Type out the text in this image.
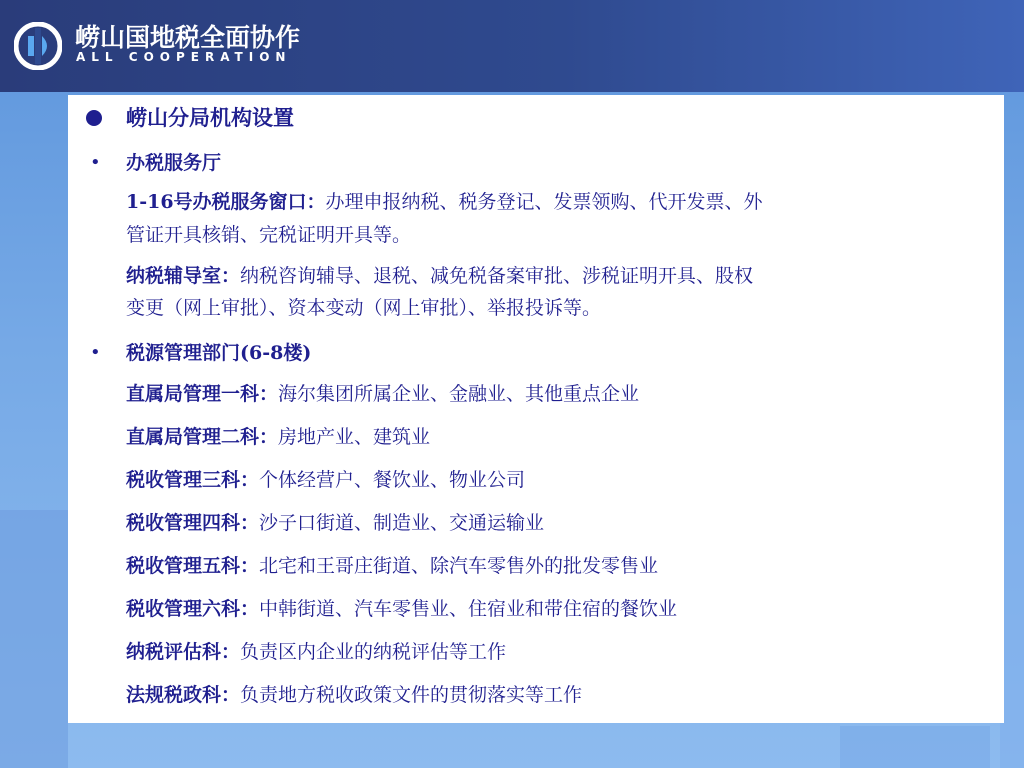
崂山国地税全面协作
ALL COOPERATION
崂山分局机构设置
• 办税服务厅
1-16号办税服务窗口：办理申报纳税、税务登记、发票领购、代开发票、外
管证开具核销、完税证明开具等。
纳税辅导室：纳税咨询辅导、退税、减免税备案审批、涉税证明开具、股权
变更（网上审批）、资本变动（网上审批）、举报投诉等。
• 税源管理部门(6-8楼)
直属局管理一科：海尔集团所属企业、金融业、其他重点企业
直属局管理二科：房地产业、建筑业
税收管理三科：个体经营户、餐饮业、物业公司
税收管理四科：沙子口街道、制造业、交通运输业
税收管理五科：北宅和王哥庄街道、除汽车零售外的批发零售业
税收管理六科：中韩街道、汽车零售业、住宿业和带住宿的餐饮业
纳税评估科：负责区内企业的纳税评估等工作
法规税政科：负责地方税收政策文件的贯彻落实等工作
